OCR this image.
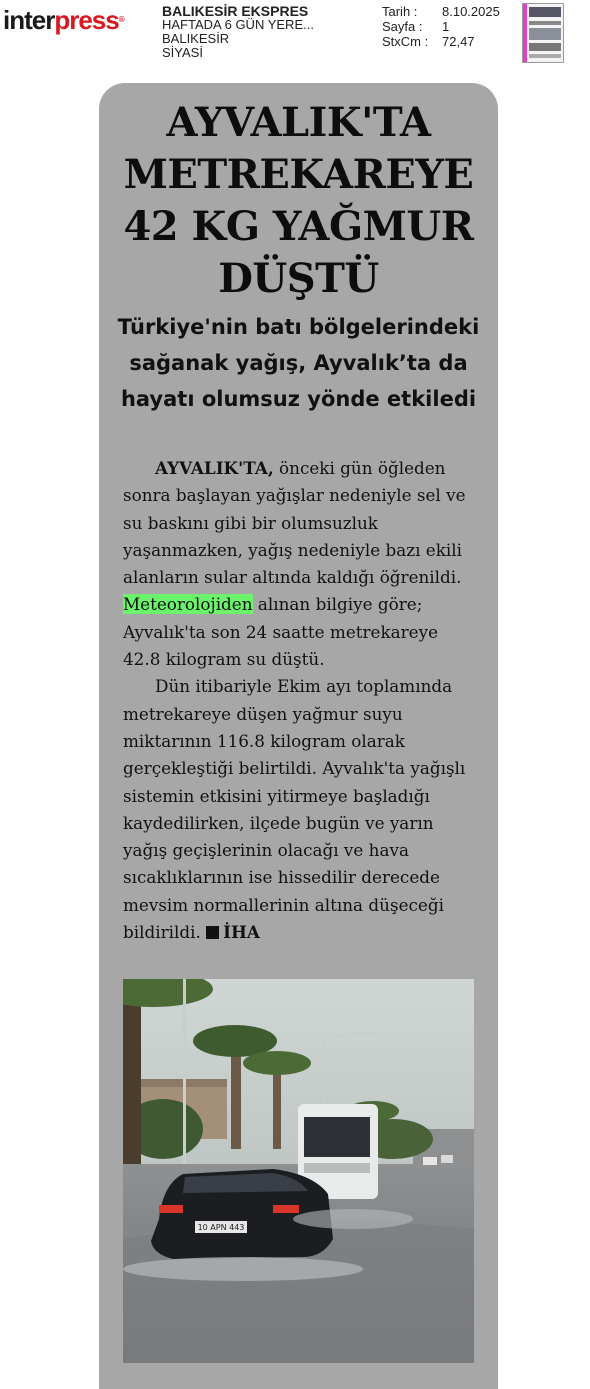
interpress®
BALIKESİR EKSPRES
HAFTADA 6 GÜN YERE...
BALIKESİR
SİYASİ
Tarih :	8.10.2025
Sayfa :	1
StxCm :	72,47
AYVALIK'TA METREKAREYE 42 KG YAĞMUR DÜŞTÜ
Türkiye'nin batı bölgelerindeki sağanak yağış, Ayvalık’ta da hayatı olumsuz yönde etkiledi

AYVALIK'TA, önceki gün öğleden sonra başlayan yağışlar nedeniyle sel ve su baskını gibi bir olumsuzluk yaşanmazken, yağış nedeniyle bazı ekili alanların sular altında kaldığı öğrenildi. Meteorolojiden alınan bilgiye göre; Ayvalık'ta son 24 saatte metrekareye 42.8 kilogram su düştü.

Dün itibariyle Ekim ayı toplamında metrekareye düşen yağmur suyu miktarının 116.8 kilogram olarak gerçekleştiği belirtildi. Ayvalık'ta yağışlı sistemin etkisini yitirmeye başladığı kaydedilirken, ilçede bugün ve yarın yağış geçişlerinin olacağı ve hava sıcaklıklarının ise hissedilir derecede mevsim normallerinin altına düşeceği bildirildi. İHA

10 APN 443
